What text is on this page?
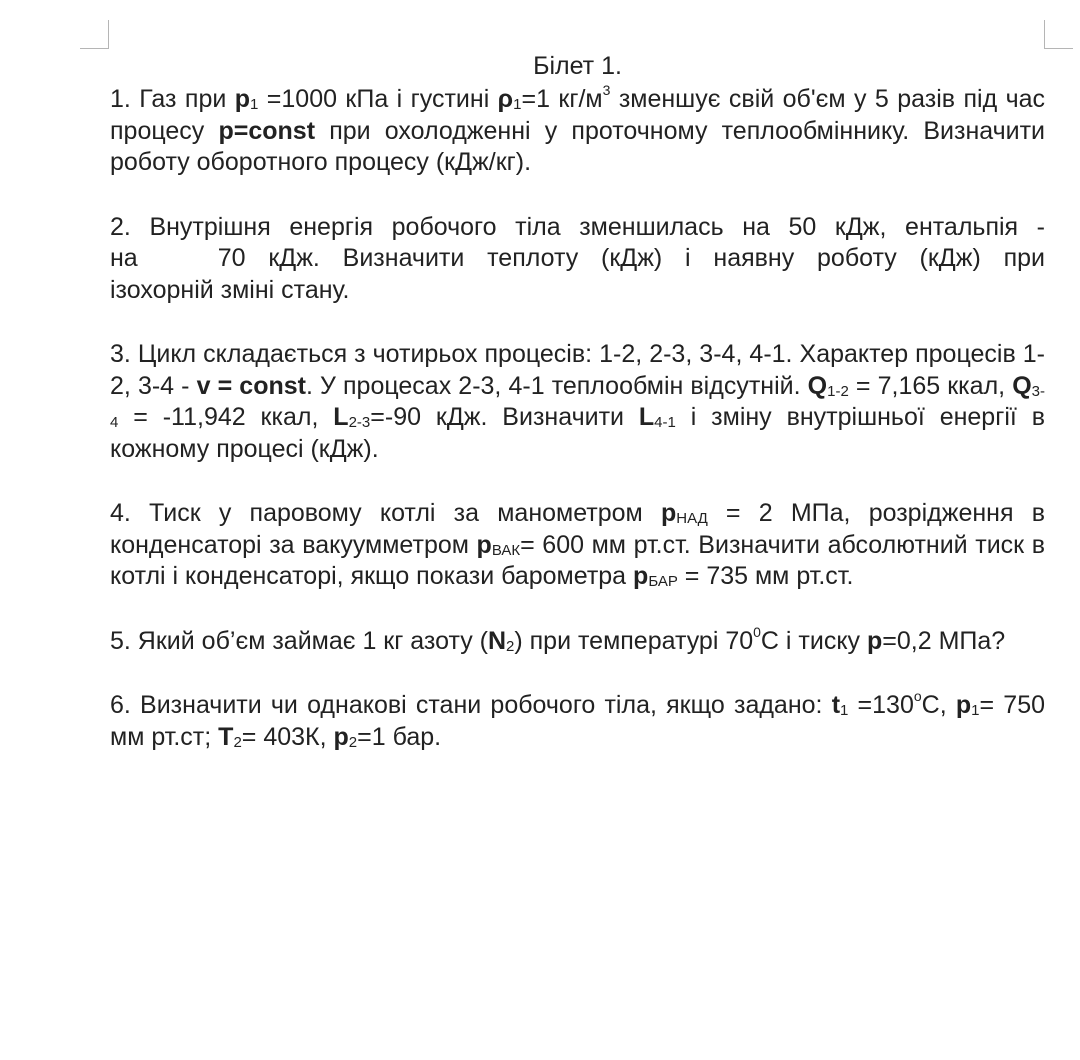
Білет 1.
1. Газ при $p_1 =1000$ кПа і густині $\rho_1=1$ $кг/м^3$ зменшує свій об'єм у 5 разів під час процесу p=const при охолодженні у проточному теплообміннику. Визначити роботу оборотного процесу (кДж/кг).
2. Внутрішня енергія робочого тіла зменшилась на 50 кДж, ентальпія -
на	70 кДж. Визначити теплоту (кДж) і наявну роботу (кДж) при
ізохорній зміні стану.
3. Цикл складається з чотирьох процесів: 1-2, 2-3, 3-4, 4-1. Характер процесів 1-2, 3-4 - v = const. У процесах 2-3, 4-1 теплообмін відсутній. $Q_{1-2} = 7,165$ ккал, $Q_{3-4} = -11,942$ ккал, $L_{2-3}=-90$ кДж. Визначити $L_{4-1}$ і зміну внутрішньої енергії в кожному процесі (кДж).
4. Тиск у паровому котлі за манометром $p_{НАД} = 2$ МПа, розрідження в конденсаторі за вакуумметром $p_{ВАК}= 600$ мм рт.ст. Визначити абсолютний тиск в котлі і конденсаторі, якщо покази барометра $p_{БАР} = 735$ мм рт.ст.
5. Який об’єм займає 1 кг азоту $(N_2)$ при температурі $70^0С$ і тиску p=0,2 МПа?
6. Визначити чи однакові стани робочого тіла, якщо задано: $t_1 =130^оС$, $p_1= 750$ мм рт.ст; $T_2= 403К$, $p_2=1$ бар.
